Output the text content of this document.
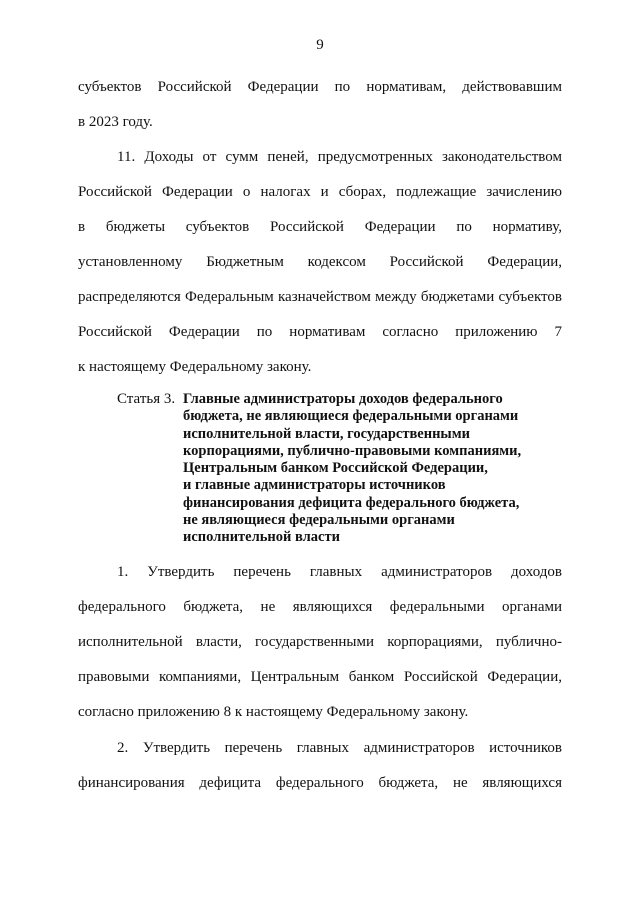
9
субъектов Российской Федерации по нормативам, действовавшим
в 2023 году.
11. Доходы от сумм пеней, предусмотренных законодательством
Российской Федерации о налогах и сборах, подлежащие зачислению
в бюджеты субъектов Российской Федерации по нормативу,
установленному Бюджетным кодексом Российской Федерации,
распределяются Федеральным казначейством между бюджетами субъектов
Российской Федерации по нормативам согласно приложению 7
к настоящему Федеральному закону.
Статья 3. Главные администраторы доходов федерального
бюджета, не являющиеся федеральными органами
исполнительной власти, государственными
корпорациями, публично-правовыми компаниями,
Центральным банком Российской Федерации,
и главные администраторы источников
финансирования дефицита федерального бюджета,
не являющиеся федеральными органами
исполнительной власти
1. Утвердить перечень главных администраторов доходов
федерального бюджета, не являющихся федеральными органами
исполнительной власти, государственными корпорациями, публично-
правовыми компаниями, Центральным банком Российской Федерации,
согласно приложению 8 к настоящему Федеральному закону.
2. Утвердить перечень главных администраторов источников
финансирования дефицита федерального бюджета, не являющихся
